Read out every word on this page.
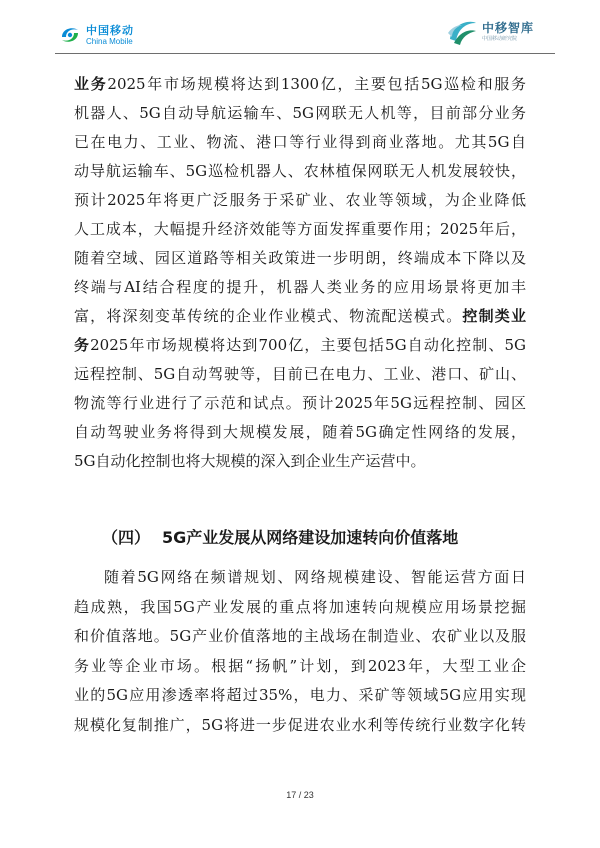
中国移动
China Mobile
中移智库
中国移动研究院
业务2025年市场规模将达到1300亿，主要包括5G巡检和服务
机器人、5G自动导航运输车、5G网联无人机等，目前部分业务
已在电力、工业、物流、港口等行业得到商业落地。尤其5G自
动导航运输车、5G巡检机器人、农林植保网联无人机发展较快，
预计2025年将更广泛服务于采矿业、农业等领域，为企业降低
人工成本，大幅提升经济效能等方面发挥重要作用；2025年后，
随着空域、园区道路等相关政策进一步明朗，终端成本下降以及
终端与AI结合程度的提升，机器人类业务的应用场景将更加丰
富，将深刻变革传统的企业作业模式、物流配送模式。控制类业
务2025年市场规模将达到700亿，主要包括5G自动化控制、5G
远程控制、5G自动驾驶等，目前已在电力、工业、港口、矿山、
物流等行业进行了示范和试点。预计2025年5G远程控制、园区
自动驾驶业务将得到大规模发展，随着5G确定性网络的发展，
5G自动化控制也将大规模的深入到企业生产运营中。
（四） 5G产业发展从网络建设加速转向价值落地
随着5G网络在频谱规划、网络规模建设、智能运营方面日
趋成熟，我国5G产业发展的重点将加速转向规模应用场景挖掘
和价值落地。5G产业价值落地的主战场在制造业、农矿业以及服
务业等企业市场。根据“扬帆”计划，到2023年，大型工业企
业的5G应用渗透率将超过35%，电力、采矿等领域5G应用实现
规模化复制推广，5G将进一步促进农业水利等传统行业数字化转
17 / 23
